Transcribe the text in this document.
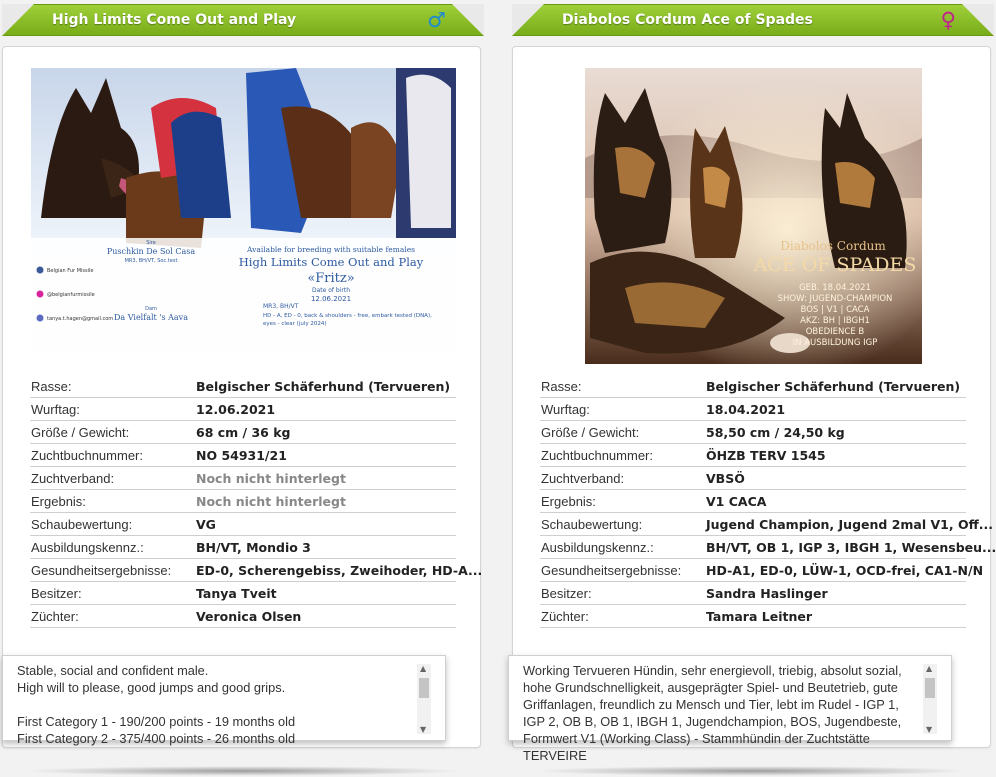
High Limits Come Out and Play	♂
Available for breeding with suitable females
High Limits Come Out and Play
«Fritz»
Date of birth
12.06.2021
MR3, BH/VT
HD - A, ED - 0, back & shoulders - free, embark tested (DNA),
eyes - clear (july 2024)
Sire
Puschkin De Sol Casa
MR3, BH/VT, Soc.test
Dam
Da Vielfalt 's Aava
Belgian Fur Missile
@belgianfurmissile
tanya.t.hagen@gmail.com
Rasse:	Belgischer Schäferhund (Tervueren)
Wurftag:	12.06.2021
Größe / Gewicht:	68 cm / 36 kg
Zuchtbuchnummer:	NO 54931/21
Zuchtverband:	Noch nicht hinterlegt
Ergebnis:	Noch nicht hinterlegt
Schaubewertung:	VG
Ausbildungskennz.:	BH/VT, Mondio 3
Gesundheitsergebnisse:	ED-0, Scherengebiss, Zweihoder, HD-A...
Besitzer:	Tanya Tveit
Züchter:	Veronica Olsen
Stable, social and confident male.
High will to please, good jumps and good grips.

First Category 1 - 190/200 points - 19 months old
First Category 2 - 375/400 points - 26 months old
▲
▼
Diabolos Cordum Ace of Spades	♀
Diabolos Cordum
ACE OF SPADES
GEB. 18.04.2021
SHOW: JUGEND-CHAMPION
BOS | V1 | CACA
AKZ: BH | IBGH1
OBEDIENCE B
IN AUSBILDUNG IGP
Rasse:	Belgischer Schäferhund (Tervueren)
Wurftag:	18.04.2021
Größe / Gewicht:	58,50 cm / 24,50 kg
Zuchtbuchnummer:	ÖHZB TERV 1545
Zuchtverband:	VBSÖ
Ergebnis:	V1 CACA
Schaubewertung:	Jugend Champion, Jugend 2mal V1, Off...
Ausbildungskennz.:	BH/VT, OB 1, IGP 3, IBGH 1, Wesensbeu...
Gesundheitsergebnisse:	HD-A1, ED-0, LÜW-1, OCD-frei, CA1-N/N
Besitzer:	Sandra Haslinger
Züchter:	Tamara Leitner
Working Tervueren Hündin, sehr energievoll, triebig, absolut sozial, hohe Grundschnelligkeit, ausgeprägter Spiel- und Beutetrieb, gute Griffanlagen, freundlich zu Mensch und Tier, lebt im Rudel - IGP 1, IGP 2, OB B, OB 1, IBGH 1, Jugendchampion, BOS, Jugendbeste, Formwert V1 (Working Class) - Stammhündin der Zuchtstätte TERVEIRE
▲
▼
